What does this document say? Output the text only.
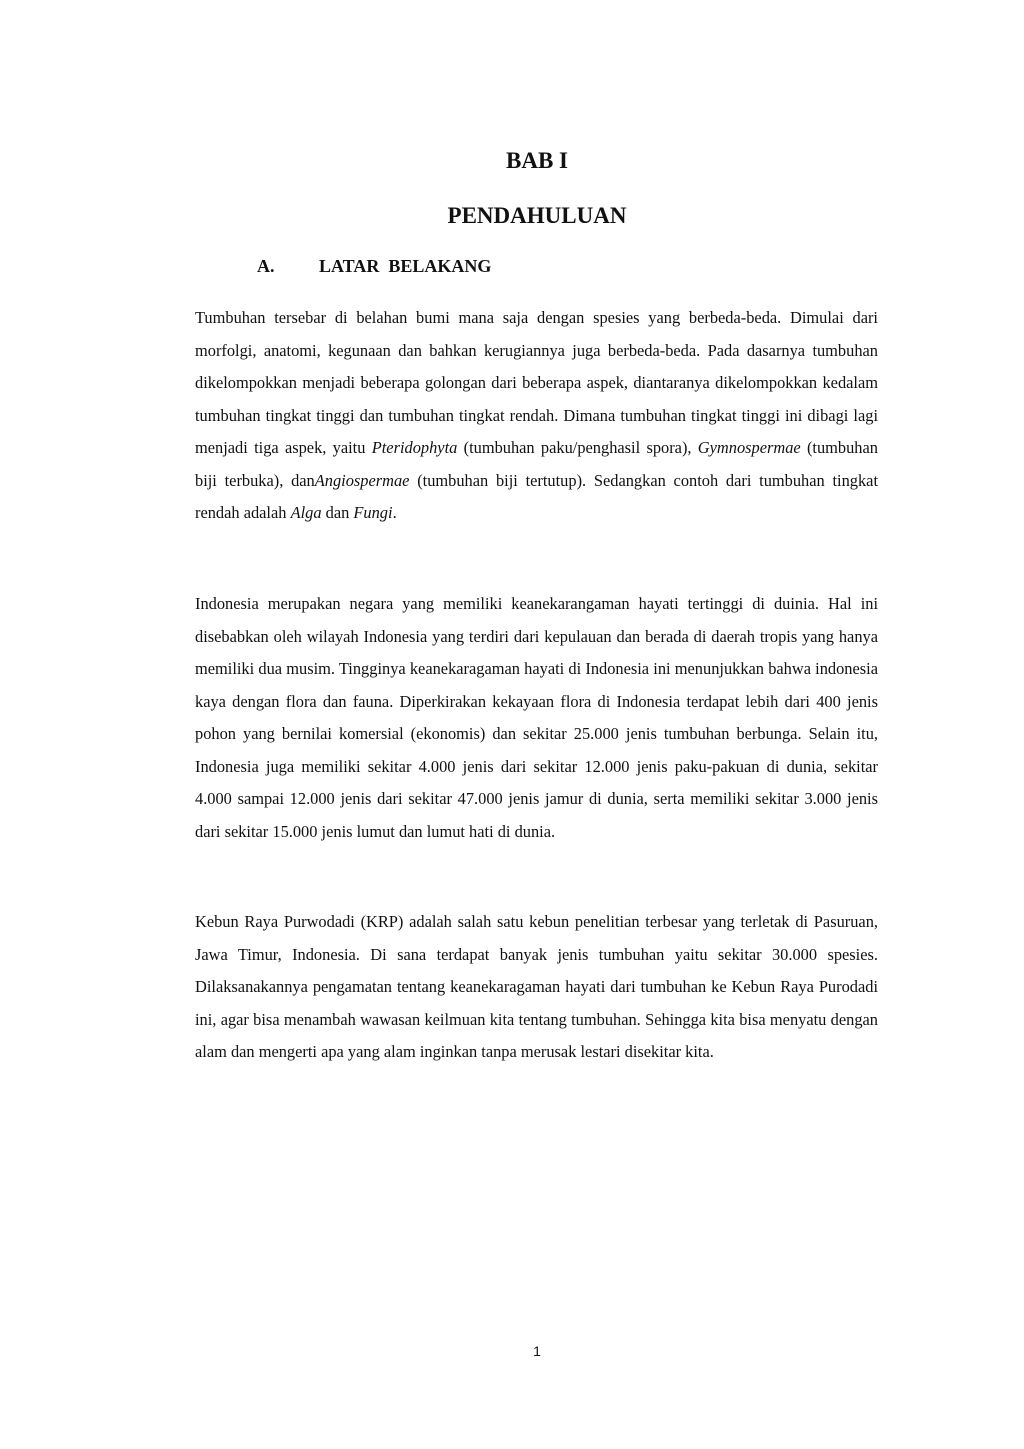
BAB I
PENDAHULUAN
A. LATAR  BELAKANG

Tumbuhan tersebar di belahan bumi mana saja dengan spesies yang berbeda-beda. Dimulai dari morfolgi, anatomi, kegunaan dan bahkan kerugiannya juga berbeda-beda. Pada dasarnya tumbuhan dikelompokkan menjadi beberapa golongan dari beberapa aspek, diantaranya dikelompokkan kedalam tumbuhan tingkat tinggi dan tumbuhan tingkat rendah. Dimana tumbuhan tingkat tinggi ini dibagi lagi menjadi tiga aspek, yaitu Pteridophyta (tumbuhan paku/penghasil spora), Gymnospermae (tumbuhan biji terbuka), danAngiospermae (tumbuhan biji tertutup). Sedangkan contoh dari tumbuhan tingkat rendah adalah Alga dan Fungi.

Indonesia merupakan negara yang memiliki keanekarangaman hayati tertinggi di duinia. Hal ini disebabkan oleh wilayah Indonesia yang terdiri dari kepulauan dan berada di daerah tropis yang hanya memiliki dua musim. Tingginya keanekaragaman hayati di Indonesia ini menunjukkan bahwa indonesia kaya dengan flora dan fauna. Diperkirakan kekayaan flora di Indonesia terdapat lebih dari 400 jenis pohon yang bernilai komersial (ekonomis) dan sekitar 25.000 jenis tumbuhan berbunga. Selain itu, Indonesia juga memiliki sekitar 4.000 jenis dari sekitar 12.000 jenis paku-pakuan di dunia, sekitar 4.000 sampai 12.000 jenis dari sekitar 47.000 jenis jamur di dunia, serta memiliki sekitar 3.000 jenis dari sekitar 15.000 jenis lumut dan lumut hati di dunia.

Kebun Raya Purwodadi (KRP) adalah salah satu kebun penelitian terbesar yang terletak di Pasuruan, Jawa Timur, Indonesia. Di sana terdapat banyak jenis tumbuhan yaitu sekitar 30.000 spesies. Dilaksanakannya pengamatan tentang keanekaragaman hayati dari tumbuhan ke Kebun Raya Purodadi ini, agar bisa menambah wawasan keilmuan kita tentang tumbuhan. Sehingga kita bisa menyatu dengan alam dan mengerti apa yang alam inginkan tanpa merusak lestari disekitar kita.

1
